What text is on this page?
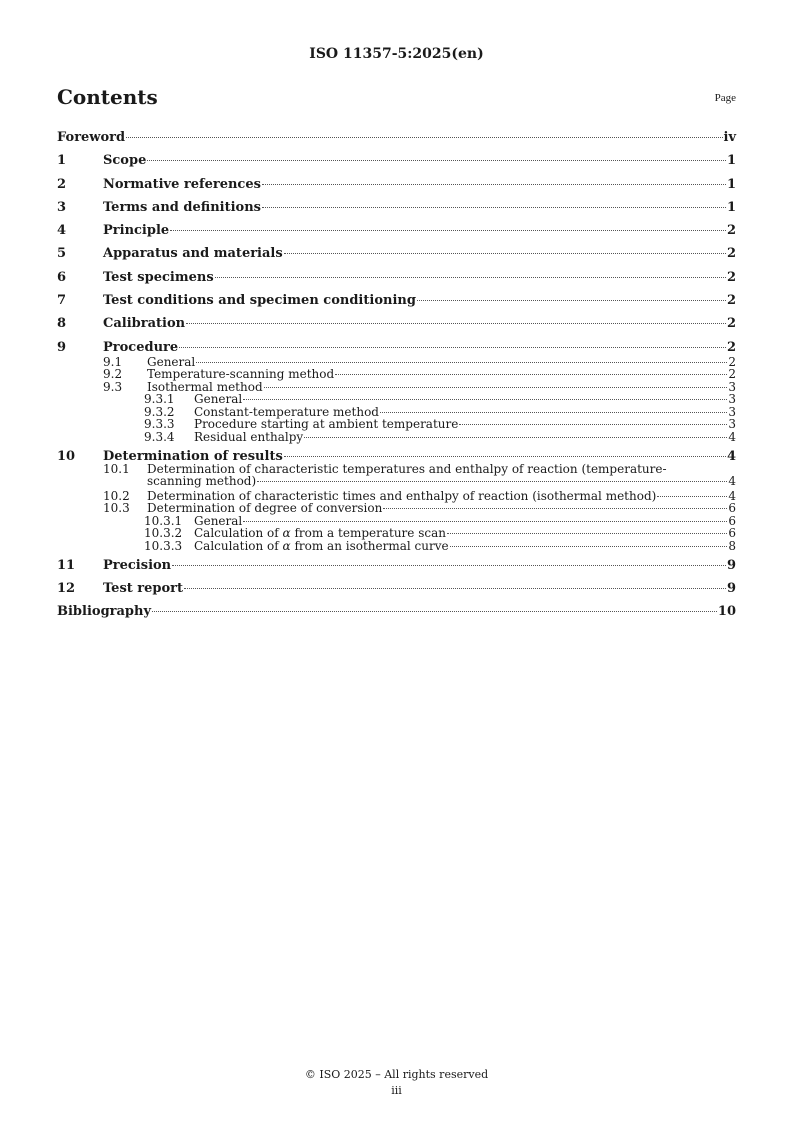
ISO 11357-5:2025(en)
Contents	Page
Foreword	iv
1	Scope	1
2	Normative references	1
3	Terms and definitions	1
4	Principle	2
5	Apparatus and materials	2
6	Test specimens	2
7	Test conditions and specimen conditioning	2
8	Calibration	2
9	Procedure	2
9.1	General	2
9.2	Temperature-scanning method	2
9.3	Isothermal method	3
9.3.1	General	3
9.3.2	Constant-temperature method	3
9.3.3	Procedure starting at ambient temperature	3
9.3.4	Residual enthalpy	4
10	Determination of results	4
10.1	Determination of characteristic temperatures and enthalpy of reaction (temperature-
scanning method)	4
10.2	Determination of characteristic times and enthalpy of reaction (isothermal method)	4
10.3	Determination of degree of conversion	6
10.3.1 General	6
10.3.2 Calculation of α from a temperature scan	6
10.3.3 Calculation of α from an isothermal curve	8
11	Precision	9
12	Test report	9
Bibliography	10
© ISO 2025 – All rights reserved
iii
